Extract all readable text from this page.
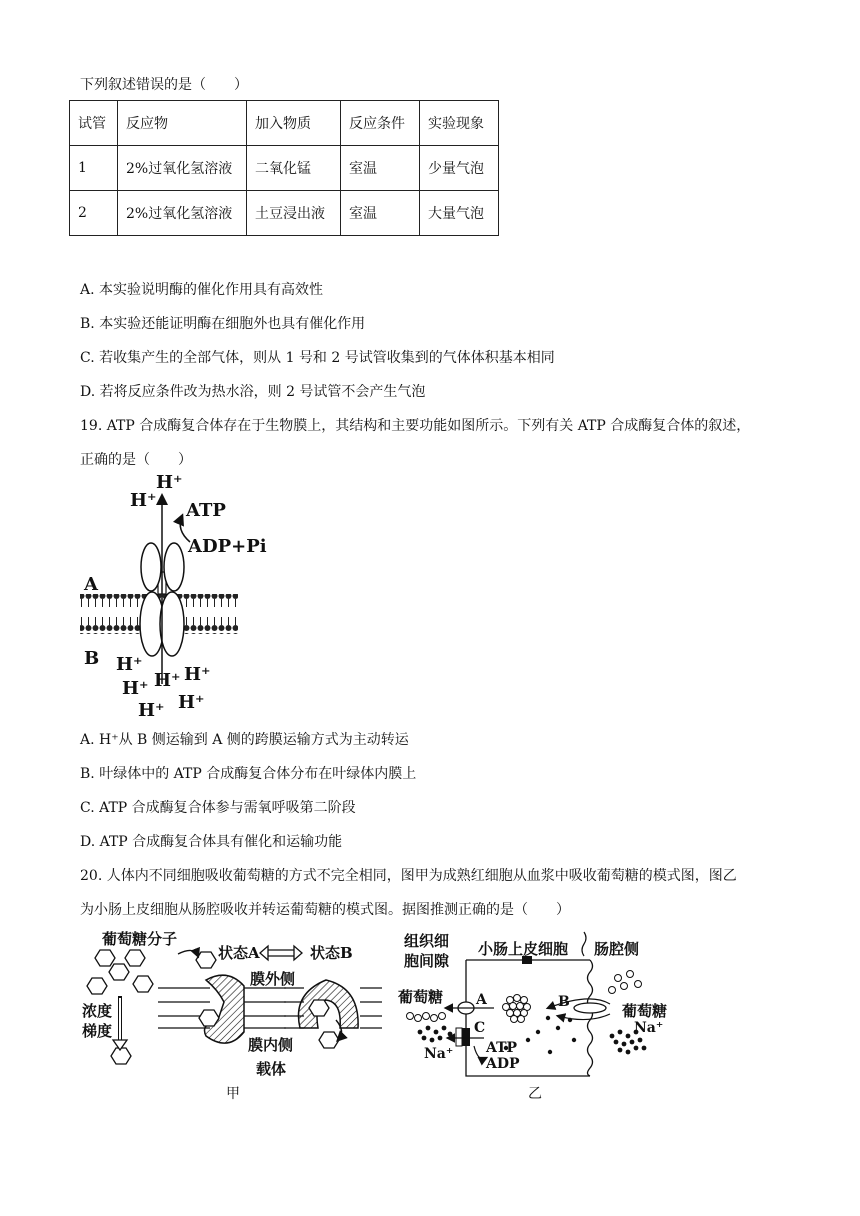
下列叙述错误的是（　　）
试管	反应物	加入物质	反应条件	实验现象
1	2%过氧化氢溶液	二氧化锰	室温	少量气泡
2	2%过氧化氢溶液	土豆浸出液	室温	大量气泡
A. 本实验说明酶的催化作用具有高效性
B. 本实验还能证明酶在细胞外也具有催化作用
C. 若收集产生的全部气体，则从 1 号和 2 号试管收集到的气体体积基本相同
D. 若将反应条件改为热水浴，则 2 号试管不会产生气泡
19. ATP 合成酶复合体存在于生物膜上，其结构和主要功能如图所示。下列有关 ATP 合成酶复合体的叙述，
正确的是（　　）
H⁺
H⁺
ATP
ADP+Pi
A
B H⁺
H⁺ H⁺ H⁺
H⁺ H⁺
A. H⁺从 B 侧运输到 A 侧的跨膜运输方式为主动转运
B. 叶绿体中的 ATP 合成酶复合体分布在叶绿体内膜上
C. ATP 合成酶复合体参与需氧呼吸第二阶段
D. ATP 合成酶复合体具有催化和运输功能
20. 人体内不同细胞吸收葡萄糖的方式不完全相同，图甲为成熟红细胞从血浆中吸收葡萄糖的模式图，图乙
为小肠上皮细胞从肠腔吸收并转运葡萄糖的模式图。据图推测正确的是（　　）
葡萄糖分子
状态A	状态B
膜外侧
浓度
梯度
膜内侧
载体
甲
组织细
胞间隙
小肠上皮细胞 肠腔侧
葡萄糖
葡萄糖
A	B
C
Na⁺
Na⁺
ATP
ADP
乙
